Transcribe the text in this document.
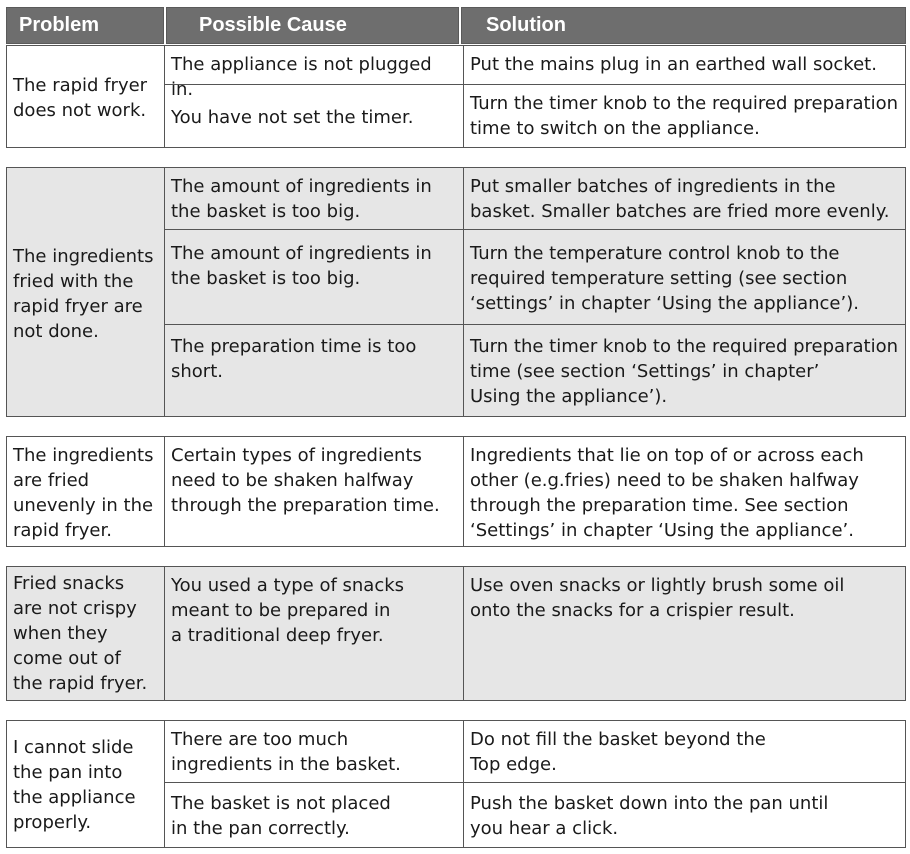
Problem	Possible Cause	Solution
The rapid fryer
does not work.
The appliance is not plugged in.
Put the mains plug in an earthed wall socket.
You have not set the timer.
Turn the timer knob to the required preparation
time to switch on the appliance.
The ingredients
fried with the
rapid fryer are
not done.
The amount of ingredients in
the basket is too big.
Put smaller batches of ingredients in the
basket. Smaller batches are fried more evenly.
The amount of ingredients in
the basket is too big.
Turn the temperature control knob to the
required temperature setting (see section
‘settings’ in chapter ‘Using the appliance’).
The preparation time is too
short.
Turn the timer knob to the required preparation
time (see section ‘Settings’ in chapter’
Using the appliance’).
The ingredients
are fried
unevenly in the
rapid fryer.
Certain types of ingredients
need to be shaken halfway
through the preparation time.
Ingredients that lie on top of or across each
other (e.g.fries) need to be shaken halfway
through the preparation time. See section
‘Settings’ in chapter ‘Using the appliance’.
Fried snacks
are not crispy
when they
come out of
the rapid fryer.
You used a type of snacks
meant to be prepared in
a traditional deep fryer.
Use oven snacks or lightly brush some oil
onto the snacks for a crispier result.
I cannot slide
the pan into
the appliance
properly.
There are too much
ingredients in the basket.
Do not fill the basket beyond the
Top edge.
The basket is not placed
in the pan correctly.
Push the basket down into the pan until
you hear a click.
